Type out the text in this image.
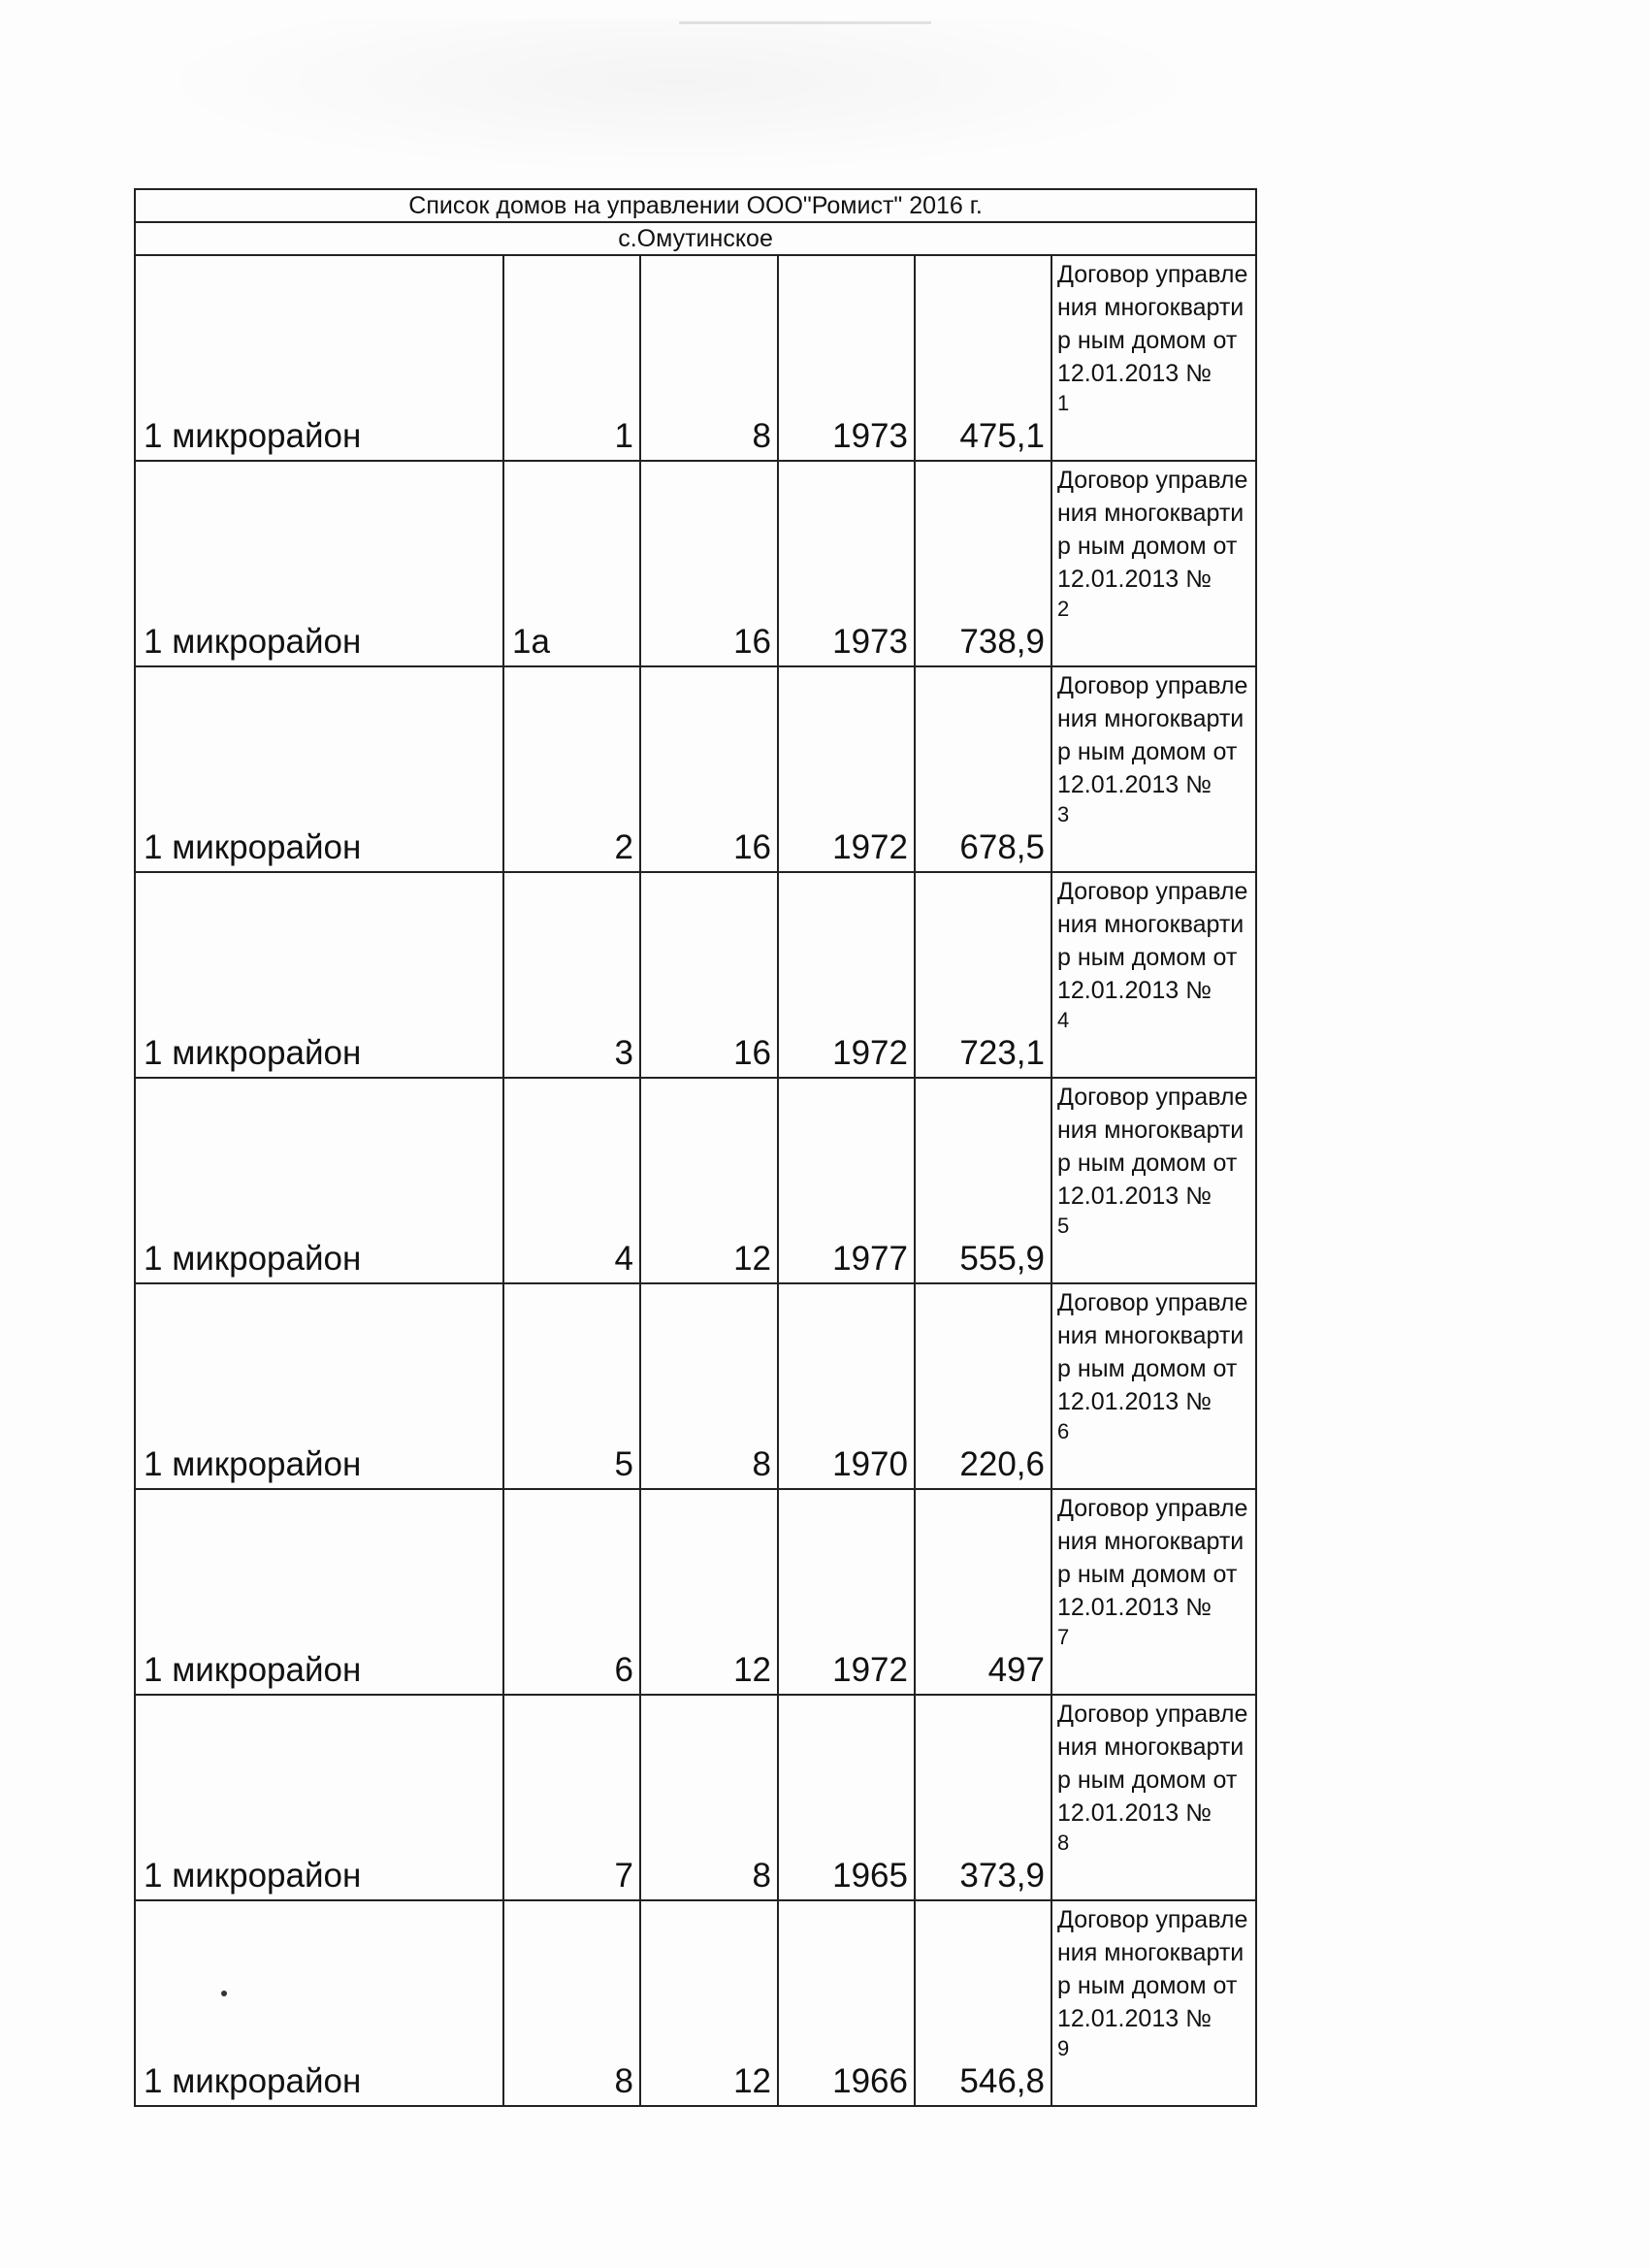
Список домов на управлении ООО"Ромист" 2016 г.					
с.Омутинское					
1 микрорайон	1	8	1973	475,1	Договор управления многоквартир ным домом от 12.01.2013 №
1

1 микрорайон	1а	16	1973	738,9	Договор управления многоквартир ным домом от 12.01.2013 №
2

1 микрорайон	2	16	1972	678,5	Договор управления многоквартир ным домом от 12.01.2013 №
3

1 микрорайон	3	16	1972	723,1	Договор управления многоквартир ным домом от 12.01.2013 №
4

1 микрорайон	4	12	1977	555,9	Договор управления многоквартир ным домом от 12.01.2013 №
5

1 микрорайон	5	8	1970	220,6	Договор управления многоквартир ным домом от 12.01.2013 №
6

1 микрорайон	6	12	1972	497	Договор управления многоквартир ным домом от 12.01.2013 №
7

1 микрорайон	7	8	1965	373,9	Договор управления многоквартир ным домом от 12.01.2013 №
8

1 микрорайон	8	12	1966	546,8	Договор управления многоквартир ным домом от 12.01.2013 №
9
